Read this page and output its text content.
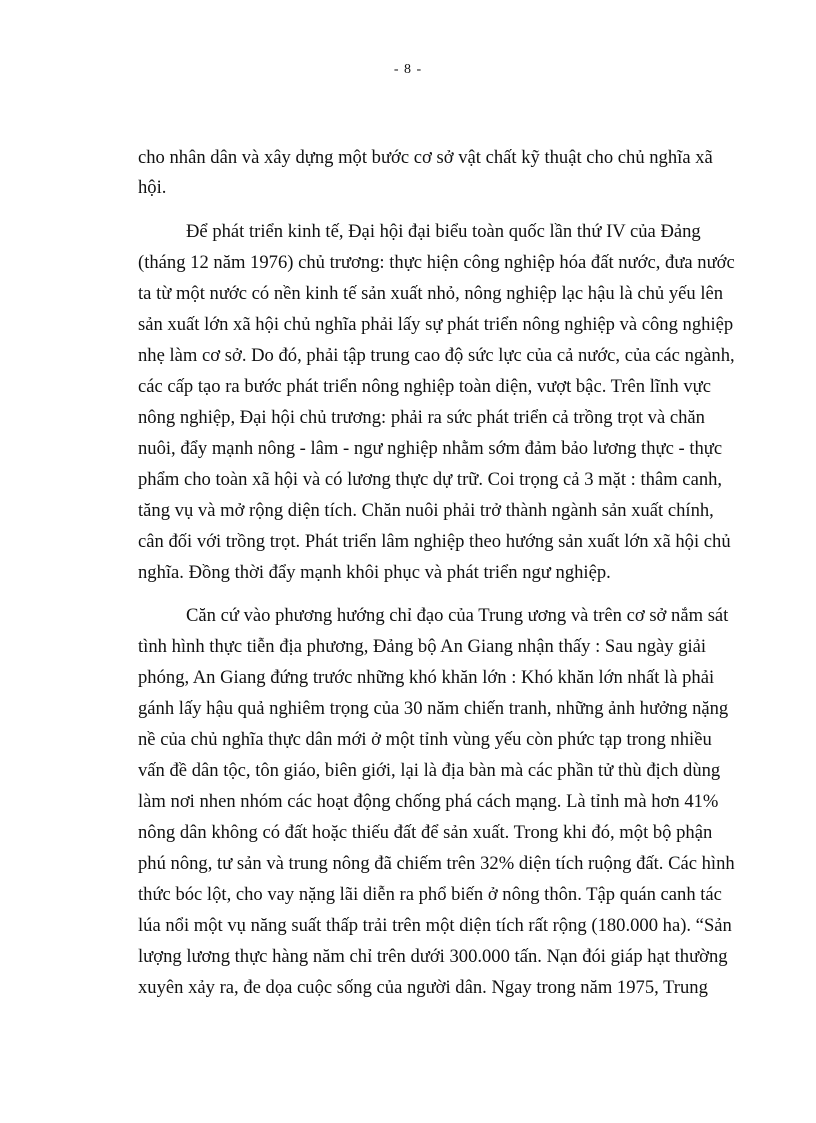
- 8 -
cho nhân dân và xây dựng một bước cơ sở vật chất kỹ thuật cho chủ nghĩa xã
hội.
Để phát triển kinh tế, Đại hội đại biểu toàn quốc lần thứ IV của Đảng
(tháng 12 năm 1976) chủ trương: thực hiện công nghiệp hóa đất nước, đưa nước
ta từ một nước có nền kinh tế sản xuất nhỏ, nông nghiệp lạc hậu là chủ yếu lên
sản xuất lớn xã hội chủ nghĩa phải lấy sự phát triển nông nghiệp và công nghiệp
nhẹ làm cơ sở. Do đó, phải tập trung cao độ sức lực của cả nước, của các ngành,
các cấp tạo ra bước phát triển nông nghiệp toàn diện, vượt bậc. Trên lĩnh vực
nông nghiệp, Đại hội chủ trương: phải ra sức phát triển cả trồng trọt và chăn
nuôi, đẩy mạnh nông - lâm - ngư nghiệp nhằm sớm đảm bảo lương thực - thực
phẩm cho toàn xã hội và có lương thực dự trữ. Coi trọng cả 3 mặt : thâm canh,
tăng vụ và mở rộng diện tích. Chăn nuôi phải trở thành ngành sản xuất chính,
cân đối với trồng trọt. Phát triển lâm nghiệp theo hướng sản xuất lớn xã hội chủ
nghĩa. Đồng thời đẩy mạnh khôi phục và phát triển ngư nghiệp.
Căn cứ vào phương hướng chỉ đạo của Trung ương và trên cơ sở nắm sát
tình hình thực tiễn địa phương, Đảng bộ An Giang nhận thấy : Sau ngày giải
phóng, An Giang đứng trước những khó khăn lớn : Khó khăn lớn nhất là phải
gánh lấy hậu quả nghiêm trọng của 30 năm chiến tranh, những ảnh hưởng nặng
nề của chủ nghĩa thực dân mới ở một tỉnh vùng yếu còn phức tạp trong nhiều
vấn đề dân tộc, tôn giáo, biên giới, lại là địa bàn mà các phần tử thù địch dùng
làm nơi nhen nhóm các hoạt động chống phá cách mạng. Là tỉnh mà hơn 41%
nông dân không có đất hoặc thiếu đất để sản xuất. Trong khi đó, một bộ phận
phú nông, tư sản và trung nông đã chiếm trên 32% diện tích ruộng đất. Các hình
thức bóc lột, cho vay nặng lãi diễn ra phổ biến ở nông thôn. Tập quán canh tác
lúa nổi một vụ năng suất thấp trải trên một diện tích rất rộng (180.000 ha). “Sản
lượng lương thực hàng năm chỉ trên dưới 300.000 tấn. Nạn đói giáp hạt thường
xuyên xảy ra, đe dọa cuộc sống của người dân. Ngay trong năm 1975, Trung
